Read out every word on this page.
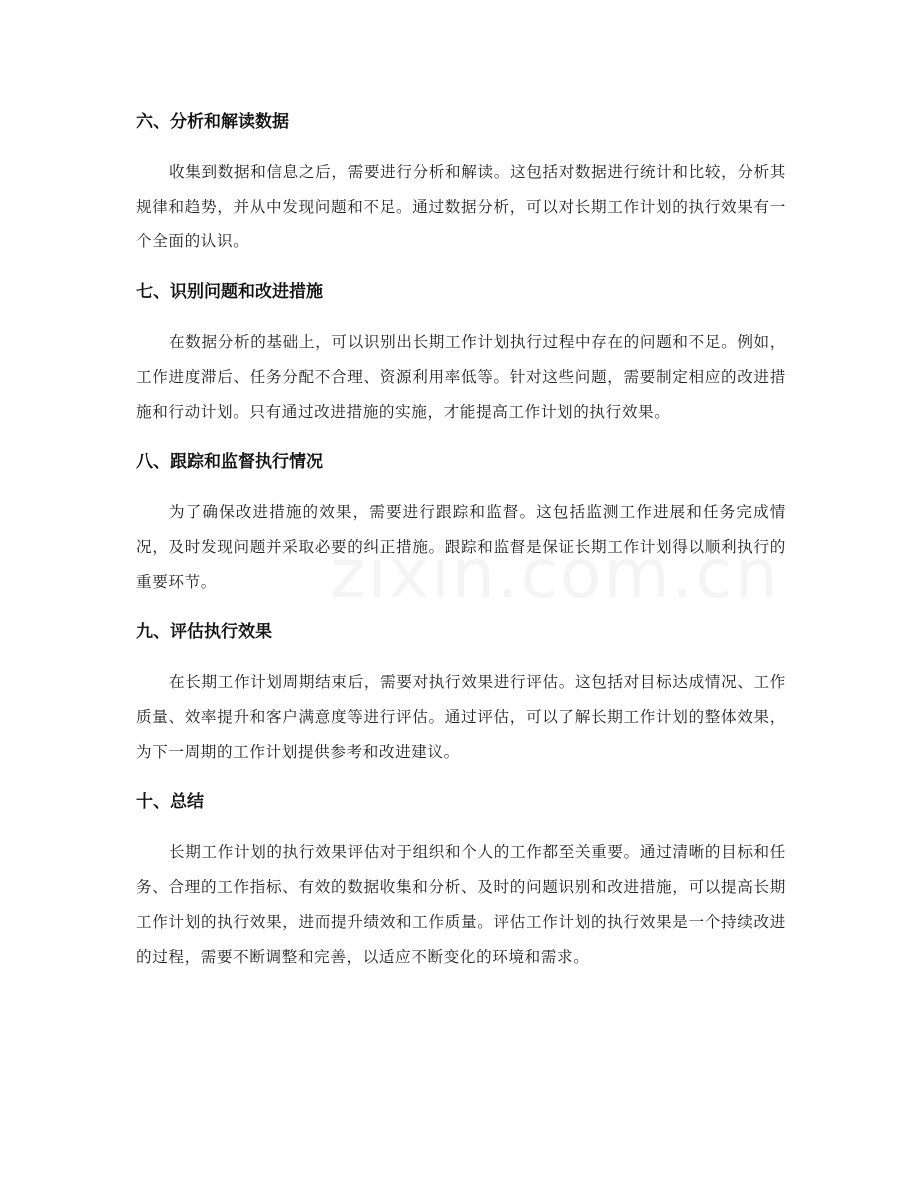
六、分析和解读数据

收集到数据和信息之后，需要进行分析和解读。这包括对数据进行统计和比较，分析其规律和趋势，并从中发现问题和不足。通过数据分析，可以对长期工作计划的执行效果有一个全面的认识。

七、识别问题和改进措施

在数据分析的基础上，可以识别出长期工作计划执行过程中存在的问题和不足。例如，工作进度滞后、任务分配不合理、资源利用率低等。针对这些问题，需要制定相应的改进措施和行动计划。只有通过改进措施的实施，才能提高工作计划的执行效果。

八、跟踪和监督执行情况

为了确保改进措施的效果，需要进行跟踪和监督。这包括监测工作进展和任务完成情况，及时发现问题并采取必要的纠正措施。跟踪和监督是保证长期工作计划得以顺利执行的重要环节。

九、评估执行效果

在长期工作计划周期结束后，需要对执行效果进行评估。这包括对目标达成情况、工作质量、效率提升和客户满意度等进行评估。通过评估，可以了解长期工作计划的整体效果，为下一周期的工作计划提供参考和改进建议。

十、总结

长期工作计划的执行效果评估对于组织和个人的工作都至关重要。通过清晰的目标和任务、合理的工作指标、有效的数据收集和分析、及时的问题识别和改进措施，可以提高长期工作计划的执行效果，进而提升绩效和工作质量。评估工作计划的执行效果是一个持续改进的过程，需要不断调整和完善，以适应不断变化的环境和需求。
